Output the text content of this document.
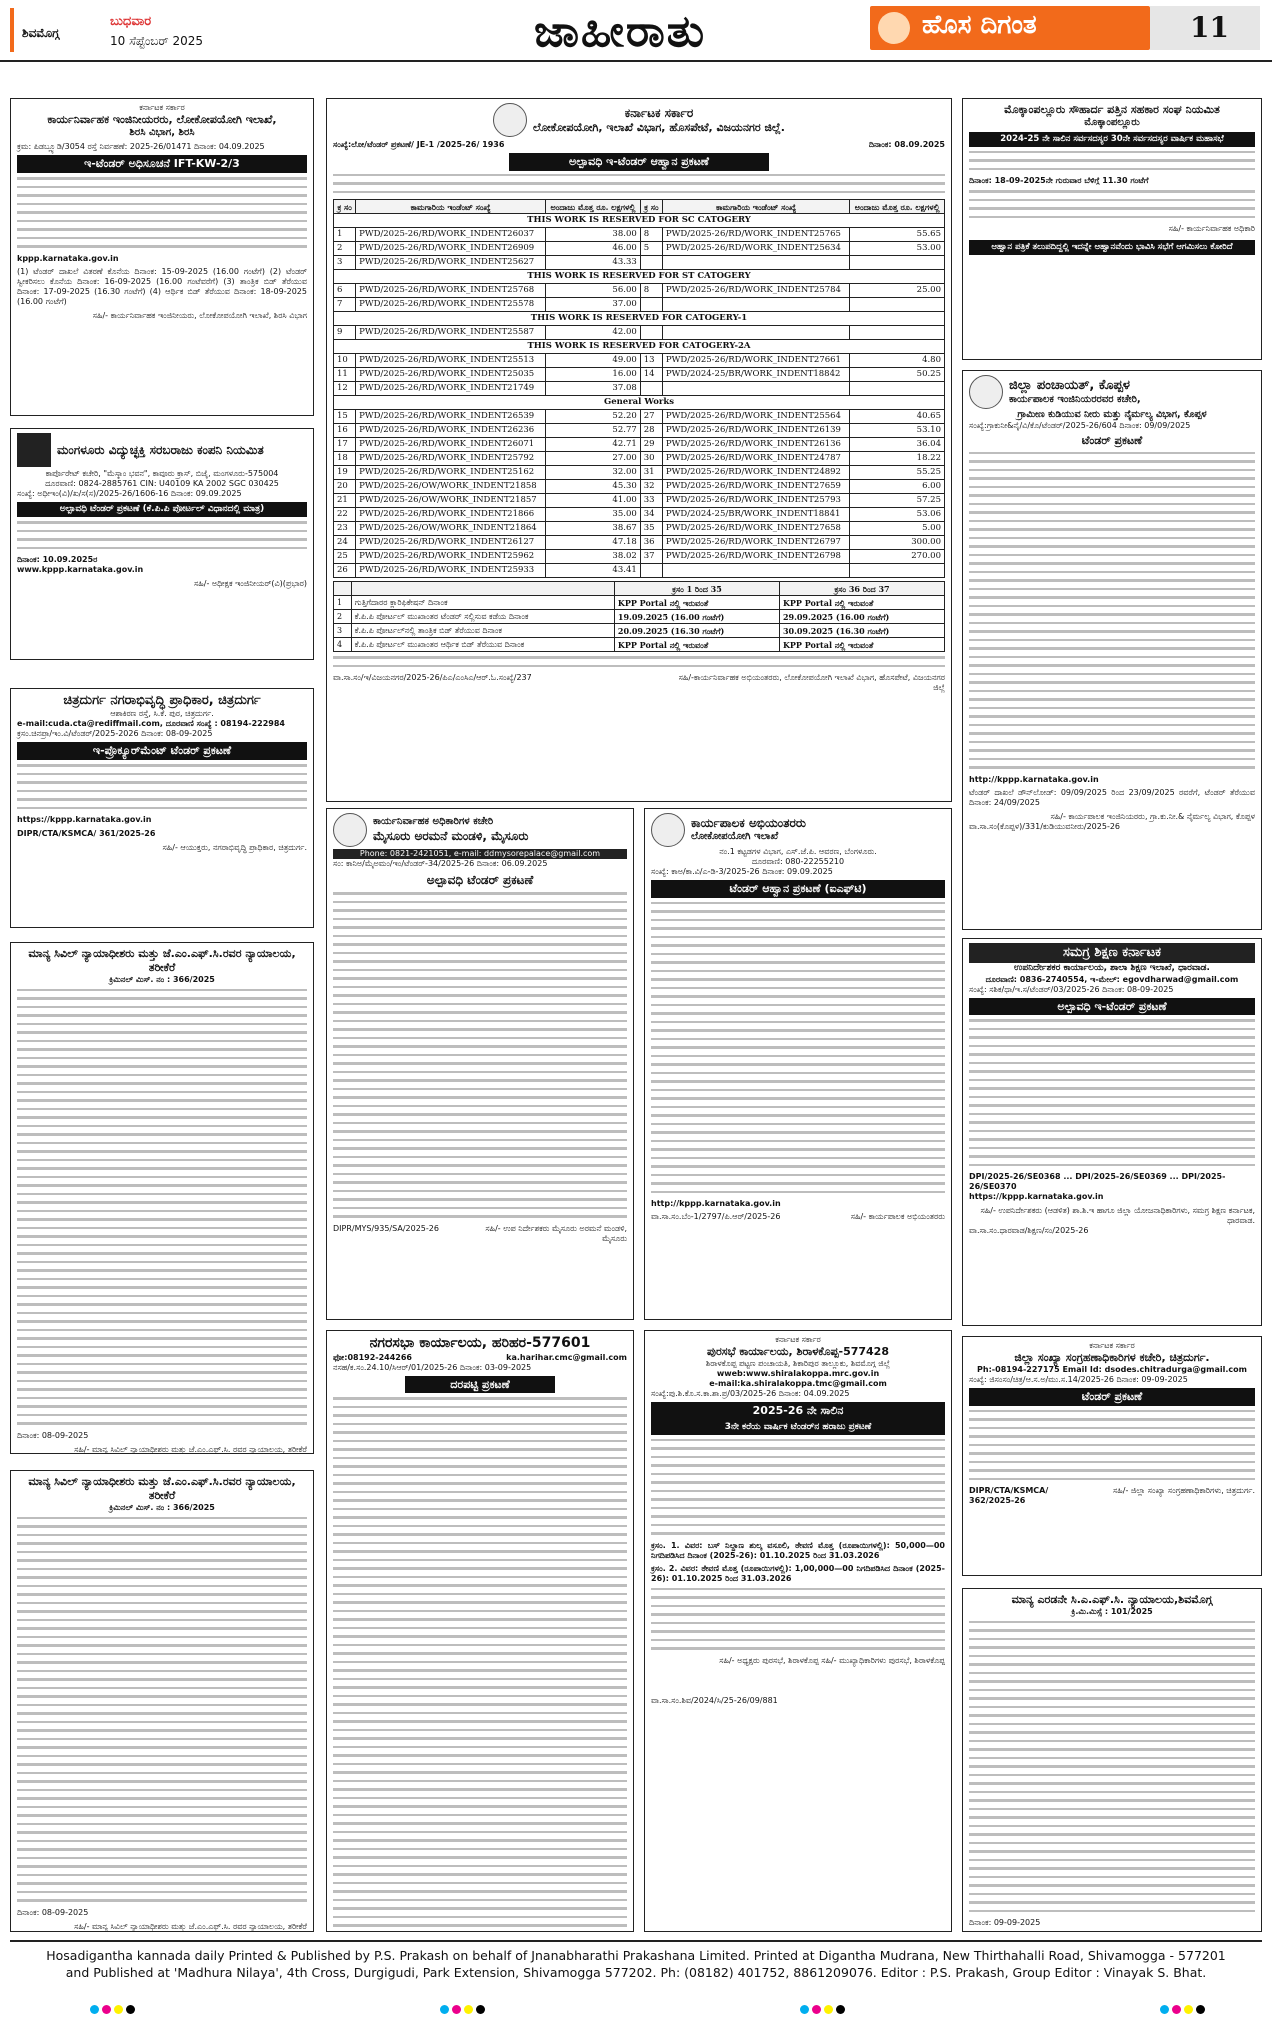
ಶಿವಮೊಗ್ಗ
ಬುಧವಾರ
10 ಸೆಪ್ಟೆಂಬರ್ 2025	ಜಾಹೀರಾತು	ಹೊಸ ದಿಗಂತ	11
ಕರ್ನಾಟಕ ಸರ್ಕಾರ
ಕಾರ್ಯನಿರ್ವಾಹಕ ಇಂಜಿನೀಯರರು, ಲೋಕೋಪಯೋಗಿ ಇಲಾಖೆ,
ಶಿರಸಿ ವಿಭಾಗ, ಶಿರಸಿ
ಕ್ರಮ: ಪಿಡಬ್ಲ್ಯೂಡಿ/3054 ರಸ್ತೆ ನಿರ್ವಹಣೆ: 2025-26/01471 ದಿನಾಂಕ: 04.09.2025
ಇ-ಟೆಂಡರ್ ಅಧಿಸೂಚನೆ IFT-KW-2/3
kppp.karnataka.gov.in
(1) ಟೆಂಡರ್ ದಾಖಲೆ ವಿತರಣೆ ಕೊನೆಯ ದಿನಾಂಕ: 15-09-2025 (16.00 ಗಂಟೆಗೆ) (2) ಟೆಂಡರ್ ಸ್ವೀಕರಿಸಲು ಕೊನೆಯ ದಿನಾಂಕ: 16-09-2025 (16.00 ಗಂಟೆವರೆಗೆ) (3) ತಾಂತ್ರಿಕ ಬಿಡ್ ತೆರೆಯುವ ದಿನಾಂಕ: 17-09-2025 (16.30 ಗಂಟೆಗೆ) (4) ಆರ್ಥಿಕ ಬಿಡ್ ತೆರೆಯುವ ದಿನಾಂಕ: 18-09-2025 (16.00 ಗಂಟೆಗೆ)
ಸಹಿ/- ಕಾರ್ಯನಿರ್ವಾಹಕ ಇಂಜಿನೀಯರು, ಲೋಕೋಪಯೋಗಿ ಇಲಾಖೆ, ಶಿರಸಿ ವಿಭಾಗ
ಮಂಗಳೂರು ವಿದ್ಯುಚ್ಛಕ್ತಿ ಸರಬರಾಜು ಕಂಪನಿ ನಿಯಮಿತ
ಕಾರ್ಪೊರೇಟ್ ಕಚೇರಿ, "ಮೆಸ್ಕಾಂ ಭವನ", ಕಾವೂರು ಕ್ರಾಸ್, ಬಿಜೈ, ಮಂಗಳೂರು-575004
ದೂರವಾಣಿ: 0824-2885761 CIN: U40109 KA 2002 SGC 030425
ಸಂಖ್ಯೆ: ಅಧೀಇಂ(ವಿ)/ಖ/ಸ(ಸ)/2025-26/1606-16 ದಿನಾಂಕ: 09.09.2025
ಅಲ್ಪಾವಧಿ ಟೆಂಡರ್ ಪ್ರಕಟಣೆ (ಕೆ.ಪಿ.ಪಿ ಪೋರ್ಟಲ್ ವಿಧಾನದಲ್ಲಿ ಮಾತ್ರ)
ದಿನಾಂಕ: 10.09.2025ರ
www.kppp.karnataka.gov.in
ಸಹಿ/- ಅಧೀಕ್ಷಕ ಇಂಜಿನೀಯರ್(ವಿ)(ಪ್ರಭಾರ)
ಚಿತ್ರದುರ್ಗ ನಗರಾಭಿವೃದ್ಧಿ ಪ್ರಾಧಿಕಾರ, ಚಿತ್ರದುರ್ಗ
ಆಶಾಕಿರಣ ರಸ್ತೆ, ಸಿ.ಕೆ. ಪುರ, ಚಿತ್ರದುರ್ಗ.
e-mail:cuda.cta@rediffmail.com, ದೂರವಾಣಿ ಸಂಖ್ಯೆ : 08194-222984
ಕ್ರಸಂ.ಚಿನಪ್ರಾ/ಇಂ.ವಿ/ಟೆಂಡರ್/2025-2026 ದಿನಾಂಕ: 08-09-2025
ಇ-ಪ್ರೊಕ್ಯೂರ್‌ಮೆಂಟ್ ಟೆಂಡರ್ ಪ್ರಕಟಣೆ
https://kppp.karnataka.gov.in
DIPR/CTA/KSMCA/ 361/2025-26
ಸಹಿ/- ಆಯುಕ್ತರು, ನಗರಾಭಿವೃದ್ಧಿ ಪ್ರಾಧಿಕಾರ, ಚಿತ್ರದುರ್ಗ.
ಮಾನ್ಯ ಸಿವಿಲ್ ನ್ಯಾಯಾಧೀಶರು ಮತ್ತು ಜೆ.ಎಂ.ಎಫ್.ಸಿ.ರವರ ನ್ಯಾಯಾಲಯ, ತರೀಕೆರೆ
ಕ್ರಿಮಿನಲ್ ಮಿಸ್. ನಂ : 366/2025
ದಿನಾಂಕ: 08-09-2025
ಸಹಿ/- ಮಾನ್ಯ ಸಿವಿಲ್ ನ್ಯಾಯಾಧೀಶರು ಮತ್ತು ಜೆ.ಎಂ.ಎಫ್.ಸಿ. ರವರ ನ್ಯಾಯಾಲಯ, ತರೀಕೆರೆ
ಮಾನ್ಯ ಸಿವಿಲ್ ನ್ಯಾಯಾಧೀಶರು ಮತ್ತು ಜೆ.ಎಂ.ಎಫ್.ಸಿ.ರವರ ನ್ಯಾಯಾಲಯ, ತರೀಕೆರೆ
ಕ್ರಿಮಿನಲ್ ಮಿಸ್. ನಂ : 366/2025
ದಿನಾಂಕ: 08-09-2025
ಸಹಿ/- ಮಾನ್ಯ ಸಿವಿಲ್ ನ್ಯಾಯಾಧೀಶರು ಮತ್ತು ಜೆ.ಎಂ.ಎಫ್.ಸಿ. ರವರ ನ್ಯಾಯಾಲಯ, ತರೀಕೆರೆ
ಕರ್ನಾಟಕ ಸರ್ಕಾರ
ಲೋಕೋಪಯೋಗಿ, ಇಲಾಖೆ ವಿಭಾಗ, ಹೊಸಪೇಟೆ, ವಿಜಯನಗರ ಜಿಲ್ಲೆ.
ಸಂಖ್ಯೆ:ಲೋ/ಟೆಂಡರ್ ಪ್ರಕಟಣೆ/ JE-1 /2025-26/ 1936	ದಿನಾಂಕ: 08.09.2025
ಅಲ್ಪಾವಧಿ ಇ-ಟೆಂಡರ್ ಆಹ್ವಾನ ಪ್ರಕಟಣೆ
ಕ್ರ ಸಂ	ಕಾಮಗಾರಿಯ ಇಂಡೆಂಟ್ ಸಂಖ್ಯೆ	ಅಂದಾಜು ಮೊತ್ತ ರೂ. ಲಕ್ಷಗಳಲ್ಲಿ	ಕ್ರ ಸಂ	ಕಾಮಗಾರಿಯ ಇಂಡೆಂಟ್ ಸಂಖ್ಯೆ	ಅಂದಾಜು ಮೊತ್ತ ರೂ. ಲಕ್ಷಗಳಲ್ಲಿ
THIS WORK IS RESERVED FOR SC CATOGERY					
1	PWD/2025-26/RD/WORK_INDENT26037	38.00	8	PWD/2025-26/RD/WORK_INDENT25765	55.65
2	PWD/2025-26/RD/WORK_INDENT26909	46.00	5	PWD/2025-26/RD/WORK_INDENT25634	53.00
3	PWD/2025-26/RD/WORK_INDENT25627	43.33			
THIS WORK IS RESERVED FOR ST CATOGERY					
6	PWD/2025-26/RD/WORK_INDENT25768	56.00	8	PWD/2025-26/RD/WORK_INDENT25784	25.00
7	PWD/2025-26/RD/WORK_INDENT25578	37.00			
THIS WORK IS RESERVED FOR CATOGERY-1					
9	PWD/2025-26/RD/WORK_INDENT25587	42.00			
THIS WORK IS RESERVED FOR CATOGERY-2A					
10	PWD/2025-26/RD/WORK_INDENT25513	49.00	13	PWD/2025-26/RD/WORK_INDENT27661	4.80
11	PWD/2025-26/RD/WORK_INDENT25035	16.00	14	PWD/2024-25/BR/WORK_INDENT18842	50.25
12	PWD/2025-26/RD/WORK_INDENT21749	37.08			
General Works					
15	PWD/2025-26/RD/WORK_INDENT26539	52.20	27	PWD/2025-26/RD/WORK_INDENT25564	40.65
16	PWD/2025-26/RD/WORK_INDENT26236	52.77	28	PWD/2025-26/RD/WORK_INDENT26139	53.10
17	PWD/2025-26/RD/WORK_INDENT26071	42.71	29	PWD/2025-26/RD/WORK_INDENT26136	36.04
18	PWD/2025-26/RD/WORK_INDENT25792	27.00	30	PWD/2025-26/RD/WORK_INDENT24787	18.22
19	PWD/2025-26/RD/WORK_INDENT25162	32.00	31	PWD/2025-26/RD/WORK_INDENT24892	55.25
20	PWD/2025-26/OW/WORK_INDENT21858	45.30	32	PWD/2025-26/RD/WORK_INDENT27659	6.00
21	PWD/2025-26/OW/WORK_INDENT21857	41.00	33	PWD/2025-26/RD/WORK_INDENT25793	57.25
22	PWD/2025-26/RD/WORK_INDENT21866	35.00	34	PWD/2024-25/BR/WORK_INDENT18841	53.06
23	PWD/2025-26/OW/WORK_INDENT21864	38.67	35	PWD/2025-26/RD/WORK_INDENT27658	5.00
24	PWD/2025-26/RD/WORK_INDENT26127	47.18	36	PWD/2025-26/RD/WORK_INDENT26797	300.00
25	PWD/2025-26/RD/WORK_INDENT25962	38.02	37	PWD/2025-26/RD/WORK_INDENT26798	270.00
26	PWD/2025-26/RD/WORK_INDENT25933	43.41			
		ಕ್ರಸಂ 1 ರಿಂದ 35	ಕ್ರಸಂ 36 ರಿಂದ 37
1	ಗುತ್ತಿಗೆದಾರರ ಕ್ಲಾರಿಫಿಕೇಷನ್ ದಿನಾಂಕ	KPP Portal ನಲ್ಲಿ ಇರುವಂತೆ	KPP Portal ನಲ್ಲಿ ಇರುವಂತೆ
2	ಕೆ.ಪಿ.ಪಿ ಪೋರ್ಟಲ್ ಮುಖಾಂತರ ಟೆಂಡರ್ ಸಲ್ಲಿಸುವ ಕಡೆಯ ದಿನಾಂಕ	19.09.2025 (16.00 ಗಂಟೆಗೆ)	29.09.2025 (16.00 ಗಂಟೆಗೆ)
3	ಕೆ.ಪಿ.ಪಿ ಪೋರ್ಟಲ್‌ನಲ್ಲಿ ತಾಂತ್ರಿಕ ಬಿಡ್ ತೆರೆಯುವ ದಿನಾಂಕ	20.09.2025 (16.30 ಗಂಟೆಗೆ)	30.09.2025 (16.30 ಗಂಟೆಗೆ)
4	ಕೆ.ಪಿ.ಪಿ ಪೋರ್ಟಲ್ ಮುಖಾಂತರ ಆರ್ಥಿಕ ಬಿಡ್ ತೆರೆಯುವ ದಿನಾಂಕ	KPP Portal ನಲ್ಲಿ ಇರುವಂತೆ	KPP Portal ನಲ್ಲಿ ಇರುವಂತೆ
ವಾ.ಸಾ.ಸಂ/ಇ/ವಿಜಯನಗರ/2025-26/ಪಿಎ/ಎಂಸಿಎ/ಆರ್.ಓ.ಸಂಖ್ಯೆ/237	ಸಹಿ/-ಕಾರ್ಯನಿರ್ವಾಹಕ ಅಭಿಯಂತರರು, ಲೋಕೋಪಯೋಗಿ ಇಲಾಖೆ ವಿಭಾಗ, ಹೊಸಪೇಟೆ, ವಿಜಯನಗರ ಜಿಲ್ಲೆ
ಕಾರ್ಯನಿರ್ವಾಹಕ ಅಧಿಕಾರಿಗಳ ಕಚೇರಿ
ಮೈಸೂರು ಅರಮನೆ ಮಂಡಳಿ, ಮೈಸೂರು
Phone: 0821-2421051, e-mail: ddmysorepalace@gmail.com
ಸಂ: ಕಾನಿಅ/ಮೈಅಮಂ/ಇಂ/ಟೆಂಡರ್-34/2025-26 ದಿನಾಂಕ: 06.09.2025
ಅಲ್ಪಾವಧಿ ಟೆಂಡರ್ ಪ್ರಕಟಣೆ
DIPR/MYS/935/SA/2025-26	ಸಹಿ/- ಉಪ ನಿರ್ದೇಶಕರು ಮೈಸೂರು ಅರಮನೆ ಮಂಡಳಿ, ಮೈಸೂರು
ಕಾರ್ಯಪಾಲಕ ಅಭಿಯಂತರರು
ಲೋಕೋಪಯೋಗಿ ಇಲಾಖೆ
ನಂ.1 ಕಟ್ಟಡಗಳ ವಿಭಾಗ, ಎಸ್.ಜೆ.ಪಿ. ಆವರಣ, ಬೆಂಗಳೂರು.
ದೂರವಾಣಿ: 080-22255210
ಸಂಖ್ಯೆ: ಕಾಅ/ಕಾ.ವಿ/ಎ-ಡಿ-3/2025-26 ದಿನಾಂಕ: 09.09.2025
ಟೆಂಡರ್ ಆಹ್ವಾನ ಪ್ರಕಟಣೆ (ಐಎಫ್‌ಟಿ)
http://kppp.karnataka.gov.in
ವಾ.ಸಾ.ಸಂ.ಬೆಂ-1/2797/ಪಿ.ಆರ್/2025-26	ಸಹಿ/- ಕಾರ್ಯಪಾಲಕ ಅಭಿಯಂತರರು
ನಗರಸಭಾ ಕಾರ್ಯಾಲಯ, ಹರಿಹರ-577601
ಫೋ:08192-244266	ka.harihar.cmc@gmail.com
ನಸಹ/ಕ.ಸಂ.24.10/ಸಿಆರ್/01/2025-26 ದಿನಾಂಕ: 03-09-2025
ದರಪಟ್ಟಿ ಪ್ರಕಟಣೆ
ಕರ್ನಾಟಕ ಸರ್ಕಾರ
ಪುರಸಭೆ ಕಾರ್ಯಾಲಯ, ಶಿರಾಳಕೊಪ್ಪ-577428
ಶಿರಾಳಕೊಪ್ಪ ಪಟ್ಟಣ ಪಂಚಾಯತಿ, ಶಿಕಾರಿಪುರ ತಾಲ್ಲೂಕು, ಶಿವಮೊಗ್ಗ ಜಿಲ್ಲೆ
wweb:www.shiralakoppa.mrc.gov.in
e-mail:ka.shiralakoppa.tmc@gmail.com
ಸಂಖ್ಯೆ:ಪು.ಶಿ.ಕೊ.ಸ.ಕಾ.ಶಾ.ಪ್ರ/03/2025-26 ದಿನಾಂಕ: 04.09.2025
2025-26 ನೇ ಸಾಲಿನ
3ನೇ ಕರೆಯ ವಾರ್ಷಿಕ ಟೆಂಡರ್‌ನ ಹರಾಜು ಪ್ರಕಟಣೆ
ಕ್ರಸಂ. 1. ವಿವರ: ಬಸ್ ನಿಲ್ದಾಣ ಶುಲ್ಕ ವಸೂಲಿ, ಠೇವಣಿ ಮೊತ್ತ (ರೂಪಾಯಿಗಳಲ್ಲಿ): 50,000—00 ನಿಗದಿಪಡಿಸಿದ ದಿನಾಂಕ (2025-26): 01.10.2025 ರಿಂದ 31.03.2026
ಕ್ರಸಂ. 2. ವಿವರ: ಠೇವಣಿ ಮೊತ್ತ (ರೂಪಾಯಿಗಳಲ್ಲಿ): 1,00,000—00 ನಿಗದಿಪಡಿಸಿದ ದಿನಾಂಕ (2025-26): 01.10.2025 ರಿಂದ 31.03.2026
ಸಹಿ/- ಅಧ್ಯಕ್ಷರು ಪುರಸಭೆ, ಶಿರಾಳಕೊಪ್ಪ ಸಹಿ/- ಮುಖ್ಯಾಧಿಕಾರಿಗಳು ಪುರಸಭೆ, ಶಿರಾಳಕೊಪ್ಪ
ವಾ.ಸಾ.ಸಂ.ಶಿವ/2024/ಸಿ/25-26/09/881
ಮೊಕ್ಕಾಂಪಲ್ಲೂರು ಸೌಹಾರ್ದ ಪತ್ತಿನ ಸಹಕಾರ ಸಂಘ ನಿಯಮಿತ
ಮೊಕ್ಕಾಂಪಲ್ಲೂರು
2024-25 ನೇ ಸಾಲಿನ ಸರ್ವಸದಸ್ಯರ 30ನೇ ಸರ್ವಸದಸ್ಯರ ವಾರ್ಷಿಕ ಮಹಾಸಭೆ
ದಿನಾಂಕ: 18-09-2025ನೇ ಗುರುವಾರ ಬೆಳಿಗ್ಗೆ 11.30 ಗಂಟೆಗೆ
ಸಹಿ/- ಕಾರ್ಯನಿರ್ವಾಹಕ ಅಧಿಕಾರಿ
ಆಹ್ವಾನ ಪತ್ರಿಕೆ ತಲುಪದಿದ್ದಲ್ಲಿ ಇದನ್ನೇ ಆಹ್ವಾನವೆಂದು ಭಾವಿಸಿ ಸಭೆಗೆ ಆಗಮಿಸಲು ಕೋರಿದೆ
ಜಿಲ್ಲಾ ಪಂಚಾಯತ್, ಕೊಪ್ಪಳ
ಕಾರ್ಯಪಾಲಕ ಇಂಜಿನಿಯರರವರ ಕಚೇರಿ,
ಗ್ರಾಮೀಣ ಕುಡಿಯುವ ನೀರು ಮತ್ತು ನೈರ್ಮಲ್ಯ ವಿಭಾಗ, ಕೊಪ್ಪಳ
ಸಂಖ್ಯೆ:ಗ್ರಾಕುನೀ&ನೈ/ವಿ/ಕೊ/ಟೆಂಡರ್/2025-26/604 ದಿನಾಂಕ: 09/09/2025
ಟೆಂಡರ್ ಪ್ರಕಟಣೆ
http://kppp.karnataka.gov.in
ಟೆಂಡರ್ ದಾಖಲೆ ಡೌನ್‌ಲೋಡ್: 09/09/2025 ರಿಂದ 23/09/2025 ರವರೆಗೆ, ಟೆಂಡರ್ ತೆರೆಯುವ ದಿನಾಂಕ: 24/09/2025
ಸಹಿ/- ಕಾರ್ಯಪಾಲಕ ಇಂಜಿನಿಯರರು, ಗ್ರಾ.ಕು.ನೀ.& ನೈರ್ಮಲ್ಯ ವಿಭಾಗ, ಕೊಪ್ಪಳ
ವಾ.ಸಾ.ಸಂ(ಕೊಪ್ಪಳ)/331/ಕುಡಿಯುವನೀರು/2025-26
ಸಮಗ್ರ ಶಿಕ್ಷಣ ಕರ್ನಾಟಕ
ಉಪನಿರ್ದೇಶಕರ ಕಾರ್ಯಾಲಯ, ಶಾಲಾ ಶಿಕ್ಷಣ ಇಲಾಖೆ, ಧಾರವಾಡ.
ದೂರವಾಣಿ: 0836-2740554, ಇ-ಮೇಲ್: egovdharwad@gmail.com
ಸಂಖ್ಯೆ: ಸಶಿಕ/ಧಾ/ಇ.ಸ/ಟೆಂಡರ್/03/2025-26 ದಿನಾಂಕ: 08-09-2025
ಅಲ್ಪಾವಧಿ ಇ-ಟೆಂಡರ್ ಪ್ರಕಟಣೆ
DPI/2025-26/SE0368 ... DPI/2025-26/SE0369 ... DPI/2025-26/SE0370
https://kppp.karnataka.gov.in
ಸಹಿ/- ಉಪನಿರ್ದೇಶಕರು (ಆಡಳಿತ) ಶಾ.ಶಿ.ಇ ಹಾಗೂ ಜಿಲ್ಲಾ ಯೋಜನಾಧಿಕಾರಿಗಳು, ಸಮಗ್ರ ಶಿಕ್ಷಣ ಕರ್ನಾಟಕ, ಧಾರವಾಡ.
ವಾ.ಸಾ.ಸಂ.ಧಾರವಾಡ/ಶಿಕ್ಷಣ/ಸಂ/2025-26
ಕರ್ನಾಟಕ ಸರ್ಕಾರ
ಜಿಲ್ಲಾ ಸಂಖ್ಯಾ ಸಂಗ್ರಹಣಾಧಿಕಾರಿಗಳ ಕಚೇರಿ, ಚಿತ್ರದುರ್ಗ.
Ph:-08194-227175 Email Id: dsodes.chitradurga@gmail.com
ಸಂಖ್ಯೆ: ಜಿಸಂಸಂ/ಚಿತ್ರ/ಆ.ಸ.ಅ/ಮು.ಸ.14/2025-26 ದಿನಾಂಕ: 09-09-2025
ಟೆಂಡರ್ ಪ್ರಕಟಣೆ
DIPR/CTA/KSMCA/ 362/2025-26
ಸಹಿ/- ಜಿಲ್ಲಾ ಸಂಖ್ಯಾ ಸಂಗ್ರಹಣಾಧಿಕಾರಿಗಳು, ಚಿತ್ರದುರ್ಗ.
ಮಾನ್ಯ ಎರಡನೇ ಸಿ.ಎ.ಎಫ್.ಸಿ. ನ್ಯಾಯಾಲಯ,ಶಿವಮೊಗ್ಗ
ಕ್ರಿ.ಮಿ.ಮಿಸ್ಸೆ : 101/2025
ದಿನಾಂಕ: 09-09-2025
Hosadigantha kannada daily Printed & Published by P.S. Prakash on behalf of Jnanabharathi Prakashana Limited. Printed at Digantha Mudrana, New Thirthahalli Road, Shivamogga - 577201
and Published at 'Madhura Nilaya', 4th Cross, Durgigudi, Park Extension, Shivamogga 577202. Ph: (08182) 401752, 8861209076. Editor : P.S. Prakash, Group Editor : Vinayak S. Bhat.
